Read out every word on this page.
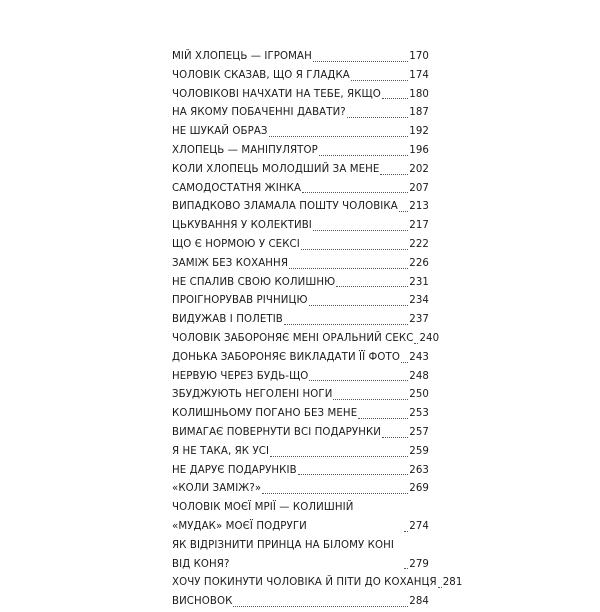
МІЙ ХЛОПЕЦЬ — ІГРОМАН	170
ЧОЛОВІК СКАЗАВ, ЩО Я ГЛАДКА	174
ЧОЛОВІКОВІ НАЧХАТИ НА ТЕБЕ, ЯКЩО	180
НА ЯКОМУ ПОБАЧЕННІ ДАВАТИ?	187
НЕ ШУКАЙ ОБРАЗ	192
ХЛОПЕЦЬ — МАНІПУЛЯТОР	196
КОЛИ ХЛОПЕЦЬ МОЛОДШИЙ ЗА МЕНЕ	202
САМОДОСТАТНЯ ЖІНКА	207
ВИПАДКОВО ЗЛАМАЛА ПОШТУ ЧОЛОВІКА 213
ЦЬКУВАННЯ У КОЛЕКТИВІ	217
ЩО Є НОРМОЮ У СЕКСІ	222
ЗАМІЖ БЕЗ КОХАННЯ	226
НЕ СПАЛИВ СВОЮ КОЛИШНЮ	231
ПРОІГНОРУВАВ РІЧНИЦЮ	234
ВИДУЖАВ І ПОЛЕТІВ	237
ЧОЛОВІК ЗАБОРОНЯЄ МЕНІ ОРАЛЬНИЙ СЕКС 240
ДОНЬКА ЗАБОРОНЯЄ ВИКЛАДАТИ ЇЇ ФОТО 243
НЕРВУЮ ЧЕРЕЗ БУДЬ-ЩО	248
ЗБУДЖУЮТЬ НЕГОЛЕНІ НОГИ	250
КОЛИШНЬОМУ ПОГАНО БЕЗ МЕНЕ	253
ВИМАГАЄ ПОВЕРНУТИ ВСІ ПОДАРУНКИ	257
Я НЕ ТАКА, ЯК УСІ	259
НЕ ДАРУЄ ПОДАРУНКІВ	263
«КОЛИ ЗАМІЖ?»	269
ЧОЛОВІК МОЄЇ МРІЇ — КОЛИШНІЙ «МУДАК» МОЄЇ ПОДРУГИ	274
ЯК ВІДРІЗНИТИ ПРИНЦА НА БІЛОМУ КОНІ ВІД КОНЯ?	279
ХОЧУ ПОКИНУТИ ЧОЛОВІКА Й ПІТИ ДО КОХАНЦЯ 281
ВИСНОВОК	284
